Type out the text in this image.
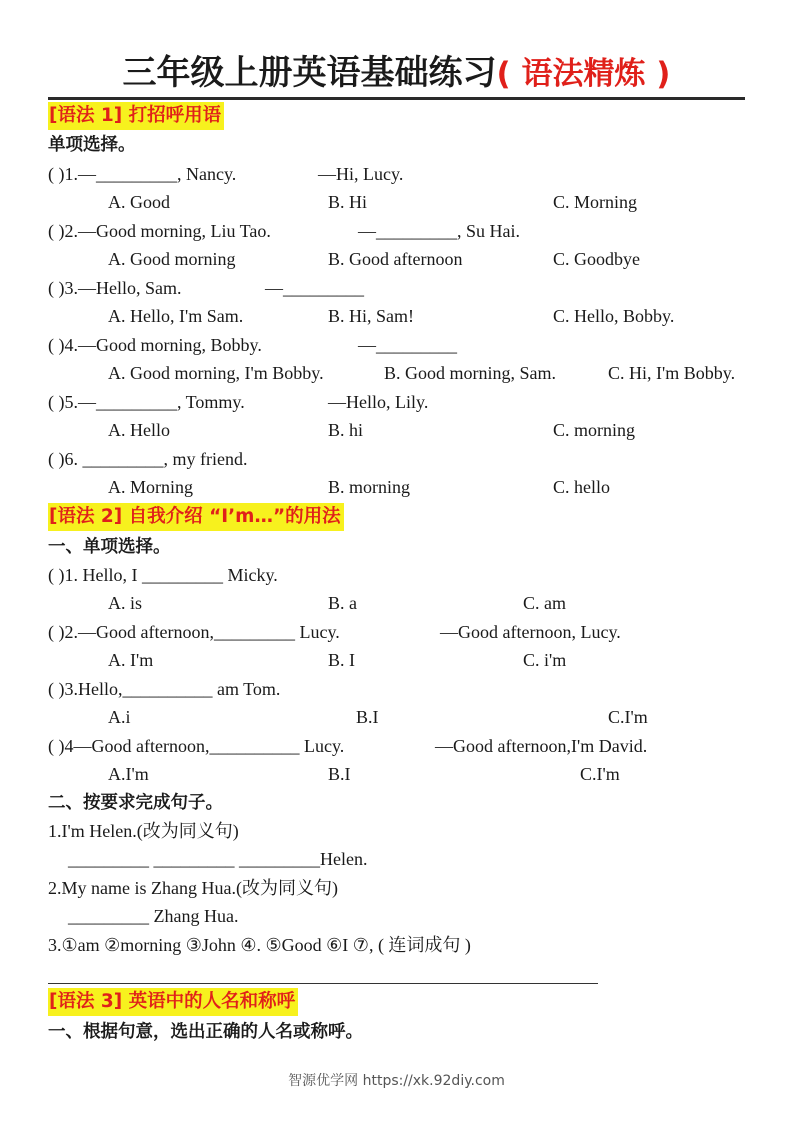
三年级上册英语基础练习( 语法精炼 )
[语法 1] 打招呼用语
单项选择。
( )1.—_________, Nancy.	—Hi, Lucy.
A. Good	B. Hi	C. Morning
( )2.—Good morning, Liu Tao.	—_________, Su Hai.
A. Good morning	B. Good afternoon	C. Goodbye
( )3.—Hello, Sam.	—_________
A. Hello, I'm Sam.	B. Hi, Sam!	C. Hello, Bobby.
( )4.—Good morning, Bobby.	—_________
A. Good morning, I'm Bobby.	B. Good morning, Sam.	C. Hi, I'm Bobby.
( )5.—_________, Tommy.	—Hello, Lily.
A. Hello	B. hi	C. morning
( )6. _________, my friend.
A. Morning	B. morning	C. hello
[语法 2] 自我介绍 “I’m…”的用法
一、单项选择。
( )1. Hello, I _________ Micky.
A. is	B. a	C. am
( )2.—Good afternoon,_________ Lucy.	—Good afternoon, Lucy.
A. I'm	B. I	C. i'm
( )3.Hello,__________ am Tom.
A.i	B.I	C.I'm
( )4—Good afternoon,__________ Lucy.	—Good afternoon,I'm David.
A.I'm	B.I	C.I'm
二、按要求完成句子。
1.I'm Helen.(改为同义句)
_________ _________ _________Helen.
2.My name is Zhang Hua.(改为同义句)
_________ Zhang Hua.
3.①am ②morning ③John ④. ⑤Good ⑥I ⑦, ( 连词成句 )
[语法 3] 英语中的人名和称呼
一、根据句意，选出正确的人名或称呼。
智源优学网 https://xk.92diy.com
